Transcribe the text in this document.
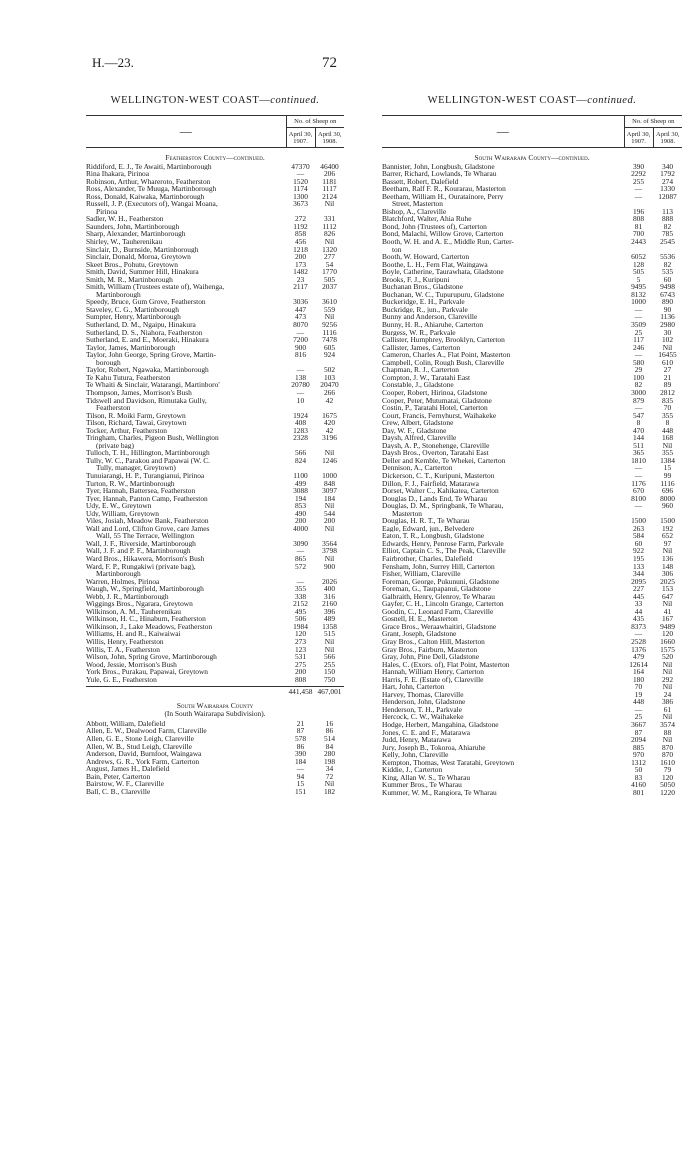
H.—23.	72
WELLINGTON-WEST COAST—continued.
—	No. of Sheep on	
	April 30, 1907.	April 30, 1908.
Featherston County—continued.
Riddiford, E. J., Te Awaiti, Martinborough	47370	46400
Rina Ihakara, Pirinoa	—	206
Robinson, Arthur, Whareroto, Featherston	1520	1181
Ross, Alexander, Te Muuga, Martinborough	1174	1117
Ross, Donald, Kaiwaka, Martinborough	1300	2124
Russell, J. P. (Executors of), Wangai Moana,	3673	Nil
Pirinoa
Sadler, W. H., Featherston	272	331
Saunders, John, Martinborough	1192	1112
Sharp, Alexander, Martinborough	858	826
Shirley, W., Tauherenikau	456	Nil
Sinclair, D., Burnside, Martinborough	1218	1320
Sinclair, Donald, Moroa, Greytown	200	277
Skeet Bros., Pohutu, Greytown	173	54
Smith, David, Summer Hill, Hinakura	1482	1770
Smith, M. R., Martinborough	23	505
Smith, William (Trustees estate of), Waihenga,	2117	2037
Martinborough
Speedy, Bruce, Gum Grove, Featherston	3036	3610
Staveley, C. G., Martinborough	447	559
Sumpter, Henry, Martinborough	473	Nil
Sutherland, D. M., Ngaipu, Hinakura	8070	9256
Sutherland, D. S., Niahora, Featherston	—	1116
Sutherland, E. and E., Moeraki, Hinakura	7200	7478
Taylor, James, Martinborough	900	605
Taylor, John George, Spring Grove, Martin-	816	924
borough
Taylor, Robert, Ngawaka, Martinborough	—	502
Te Kahu Tutura, Featherston	138	103
Te Whaiti & Sinclair, Watarangi, Martinboro'	20780	20470
Thompson, James, Morrison's Bush	—	266
Tidswell and Davidson, Rimutaka Gully,	10	42
Featherston
Tilson, R. Moiki Farm, Greytown	1924	1675
Tilson, Richard, Tawai, Greytown	408	420
Tocker, Arthur, Featherston	1283	42
Tringham, Charles, Pigeon Bush, Wellington	2328	3196
(private bag)
Tulloch, T. H., Hillington, Martinborough	566	Nil
Tully, W. C., Parakou and Papawai (W. C.	824	1246
Tully, manager, Greytown)
Tunuiarangi, H. P., Turangianui, Pirinoa	1100	1000
Turton, R. W., Martinborough	499	848
Tyer, Hannah, Battersea, Featherston	3088	3097
Tyer, Hannah, Panton Camp, Featherston	194	184
Udy, E. W., Greytown	853	Nil
Udy, William, Greytown	490	544
Viles, Josiah, Meadow Bank, Featherston	200	200
Wall and Lord, Clifton Grove, care James	4000	Nil
Wall, 55 The Terrace, Wellington
Wall, J. F., Riverside, Martinborough	3090	3564
Wall, J. F. and P. F., Martinborough	—	3798
Ward Bros., Hikawera, Morrison's Bush	865	Nil
Ward, F. P., Rungakiwi (private bag),	572	900
Martinborough
Warren, Holmes, Pirinoa	—	2026
Waugh, W., Springfield, Martinborough	355	400
Webb, J. R., Martinborough	338	316
Wiggings Bros., Ngarara, Greytown	2152	2160
Wilkinson, A. M., Tauherenikau	495	396
Wilkinson, H. C., Hinaburn, Featherston	506	489
Wilkinson, J., Lake Meadows, Featherston	1984	1358
Williams, H. and R., Kaiwaiwai	120	515
Willis, Henry, Featherston	273	Nil
Willis, T. A., Featherston	123	Nil
Wilson, John, Spring Grove, Martinborough	531	566
Wood, Jessie, Morrison's Bush	275	255
York Bros., Purakau, Papawai, Greytown	200	150
Yule, G. E., Featherston	808	750
441,458 467,001
South Wairarapa County
(In South Wairarapa Subdivision).
Abbott, William, Dalefield	21	16
Allen, E. W., Dealwood Farm, Clareville	87	86
Allen, G. E., Stone Leigh, Clareville	578	514
Allen, W. B., Stud Leigh, Clareville	86	84
Anderson, David, Burnfoot, Waingawa	390	280
Andrews, G. R., York Farm, Carterton	184	198
August, James H., Dalefield	—	34
Bain, Peter, Carterton	94	72
Bairstow, W. F., Clareville	15	Nil
Ball, C. B., Clareville	151	182
WELLINGTON-WEST COAST—continued.
—	No. of Sheep on	
	April 30, 1907.	April 30, 1908.
South Wairarapa County—continued.
Bannister, John, Longbush, Gladstone	390	340
Barrer, Richard, Lowlands, Te Wharau	2292	1792
Bassett, Robert, Dalefield	255	274
Beetham, Ralf F. R., Kourarau, Masterton	—	1330
Beetham, William H., Ouratainore, Perry	—	12087
Street, Masterton
Bishop, A., Clareville	196	113
Blatchford, Walter, Ahia Ruhe	808	888
Bond, John (Trustees of), Carterton	81	82
Bond, Malachi, Willow Grove, Carterton	700	785
Booth, W. H. and A. E., Middle Run, Carter-	2443	2545
ton
Booth, W. Howard, Carterton	6052	5536
Boothe, L. H., Fern Flat, Waingawa	128	82
Boyle, Catherine, Taurawhata, Gladstone	505	535
Brooks, F. J., Kuripuni	5	60
Buchanan Bros., Gladstone	9495	9498
Buchanan, W. C., Tupurupuru, Gladstone	8132	6743
Buckeridge, E. H., Parkvale	1000	890
Buckridge, R., jun., Parkvale	—	90
Bunny and Anderson, Clareville	—	1136
Bunny, H. R., Ahiaruhe, Carterton	3509	2980
Burgess, W. R., Parkvale	25	30
Callister, Humphrey, Brooklyn, Carterton	117	102
Callister, James, Carterton	246	Nil
Cameron, Charles A., Flat Point, Masterton	—	16455
Campbell, Colin, Rough Bush, Clareville	580	610
Chapman, R. J., Carterton	29	27
Compton, J. W., Taratahi East	100	21
Constable, J., Gladstone	82	89
Cooper, Robert, Hirinoa, Gladstone	3000	2812
Cooper, Peter, Mutumatai, Gladstone	879	835
Costin, P., Taratahi Hotel, Carterton	—	70
Court, Francis, Fernyhurst, Waihakeke	547	355
Crew, Albert, Gladstone	8	8
Day, W. F., Gladstone	470	448
Daysh, Alfred, Clareville	144	168
Daysh, A. P., Stonehenge, Clareville	511	Nil
Daysh Bros., Overton, Taratahi East	365	355
Deller and Kemble, Te Whekei, Carterton	1810	1384
Dennison, A., Carterton	—	15
Dickerson, C. T., Kuripuni, Masterton	—	99
Dillon, F. J., Fairfield, Matarawa	1176	1116
Dorset, Walter C., Kahikatea, Carterton	670	696
Douglas D., Lands End, Te Wharau	8100	8000
Douglas, D. M., Springbank, Te Wharau,	—	960
Masterton
Douglas, H. R. T., Te Wharau	1500	1500
Eagle, Edward, jun., Belvedere	263	192
Eaton, T. R., Longbush, Gladstone	584	652
Edwards, Henry, Penrose Farm, Parkvale	60	97
Elliot, Captain C. S., The Peak, Clareville	922	Nil
Fairbrother, Charles, Dalefield	195	136
Fensham, John, Surrey Hill, Carterton	133	148
Fisher, William, Clareville	344	306
Foreman, George, Pukununi, Gladstone	2095	2025
Foreman, G., Taupapanui, Gladstone	227	153
Galbraith, Henry, Glenroy, Te Wharau	445	647
Gayfer, C. H., Lincoln Grange, Carterton	33	Nil
Goodin, C., Leonard Farm, Clareville	44	41
Gosnell, H. E., Masterton	435	167
Grace Bros., Weraawhaitiri, Gladstone	8373	9489
Grant, Joseph, Gladstone	—	120
Gray Bros., Calton Hill, Masterton	2528	1660
Gray Bros., Fairburn, Masterton	1376	1575
Gray, John, Pine Dell, Gladstone	479	520
Hales, C. (Exors. of), Flat Point, Masterton	12614	Nil
Hannah, William Henry, Carterton	164	Nil
Harris, F. E. (Estate of), Clareville	180	292
Hart, John, Carterton	70	Nil
Harvey, Thomas, Clareville	19	24
Henderson, John, Gladstone	448	386
Henderson, T. H., Parkvale	—	61
Hercock, C. W., Waihakeke	25	Nil
Hodge, Herbert, Mangahina, Gladstone	3667	3574
Jones, C. E. and F., Matarawa	87	88
Judd, Henry, Matarawa	2094	Nil
Jury, Joseph B., Tokoroa, Ahiaruhe	885	870
Kelly, John, Clareville	970	870
Kempton, Thomas, West Taratahi, Greytown	1312	1610
Kiddie, J., Carterton	50	79
King, Allan W. S., Te Wharau	83	120
Kummer Bros., Te Wharau	4160	5050
Kummer, W. M., Rangiora, Te Wharau	801	1220
